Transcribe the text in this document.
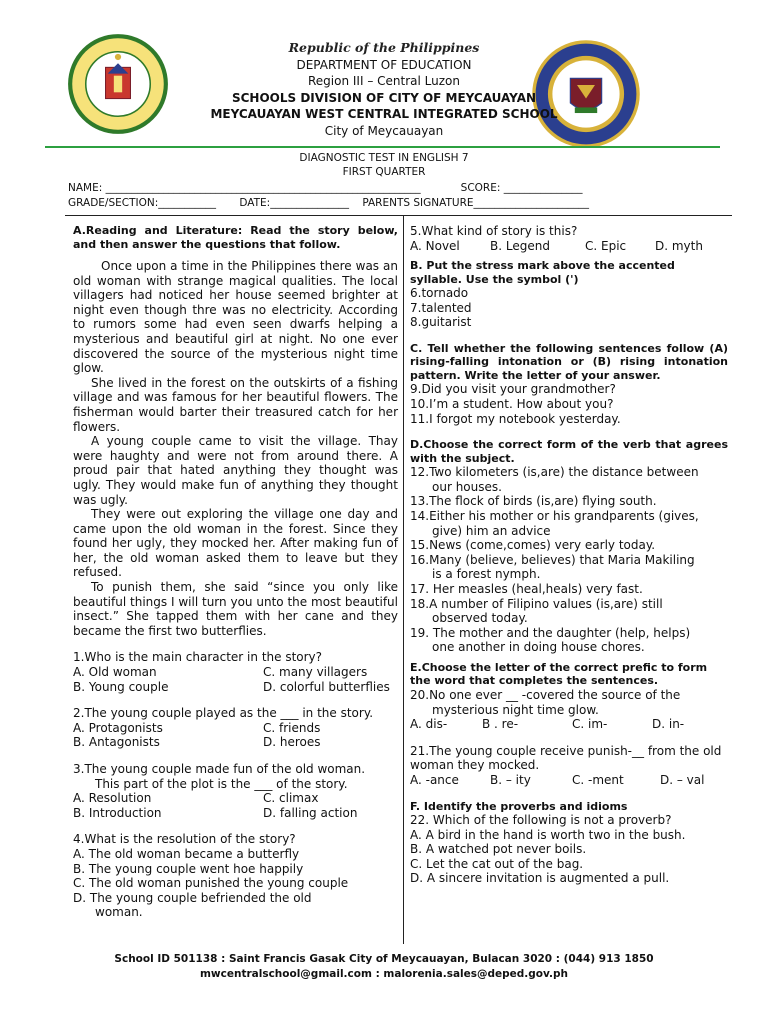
Republic of the Philippines
DEPARTMENT OF EDUCATION
Region III – Central Luzon
SCHOOLS DIVISION OF CITY OF MEYCAUAYAN
MEYCAUAYAN WEST CENTRAL INTEGRATED SCHOOL
City of Meycauayan
DIAGNOSTIC TEST IN ENGLISH 7
FIRST QUARTER
NAME: ____________________________________________________________            SCORE: _______________
GRADE/SECTION:___________       DATE:_______________    PARENTS SIGNATURE______________________

A.Reading and Literature: Read the story below, and then answer the questions that follow.

Once upon a time in the Philippines there was an old woman with strange magical qualities. The local villagers had noticed her house seemed brighter at night even though thre was no electricity. According to rumors some had even seen dwarfs helping a mysterious and beautiful girl at night. No one ever discovered the source of the mysterious night time glow.

She lived in the forest on the outskirts of a fishing village and was famous for her beautiful flowers. The fisherman would barter their treasured catch for her flowers.

A young couple came to visit the village. Thay were haughty and were not from around there. A proud pair that hated anything they thought was ugly. They would make fun of anything they thought was ugly.

They were out exploring the village one day and came upon the old woman in the forest. Since they found her ugly, they mocked her. After making fun of her, the old woman asked them to leave but they refused.

To punish them, she said “since you only like beautiful things I will turn you unto the most beautiful insect.” She tapped them with her cane and they became the first two butterflies.

1.Who is the main character in the story?
A. Old woman	C. many villagers
B. Young couple	D. colorful butterflies
2.The young couple played as the ___ in the story.
A. Protagonists	C. friends
B. Antagonists	D. heroes
3.The young couple made fun of the old woman.
This part of the plot is the ___ of the story.
A. Resolution	C. climax
B. Introduction	D. falling action
4.What is the resolution of the story?
A. The old woman became a butterfly
B. The young couple went hoe happily
C. The old woman punished the young couple
D. The young couple befriended the old
woman.
5.What kind of story is this?
A. Novel	B. Legend	C. Epic	D. myth
B. Put the stress mark above the accented syllable. Use the symbol (')
6.tornado
7.talented
8.guitarist
C. Tell whether the following sentences follow (A) rising-falling intonation or (B) rising intonation pattern. Write the letter of your answer.
9.Did you visit your grandmother?
10.I’m a student. How about you?
11.I forgot my notebook yesterday.
D.Choose the correct form of the verb that agrees with the subject.
12.Two kilometers (is,are) the distance between
our houses.
13.The flock of birds (is,are) flying south.
14.Either his mother or his grandparents (gives,
give) him an advice
15.News (come,comes) very early today.
16.Many (believe, believes) that Maria Makiling
is a forest nymph.
17. Her measles (heal,heals) very fast.
18.A number of Filipino values (is,are) still
observed today.
19. The mother and the daughter (help, helps)
one another in doing house chores.
E.Choose the letter of the correct prefic to form the word that completes the sentences.
20.No one ever __ -covered the source of the
mysterious night time glow.
A. dis-	B . re-	C. im-	D. in-
21.The young couple receive punish-__ from the old woman they mocked.
A. -ance	B. – ity	C. -ment	D. – val
F. Identify the proverbs and idioms
22. Which of the following is not a proverb?
A. A bird in the hand is worth two in the bush.
B. A watched pot never boils.
C. Let the cat out of the bag.
D. A sincere invitation is augmented a pull.
School ID 501138 : Saint Francis Gasak City of Meycauayan, Bulacan 3020 : (044) 913 1850
mwcentralschool@gmail.com : malorenia.sales@deped.gov.ph
